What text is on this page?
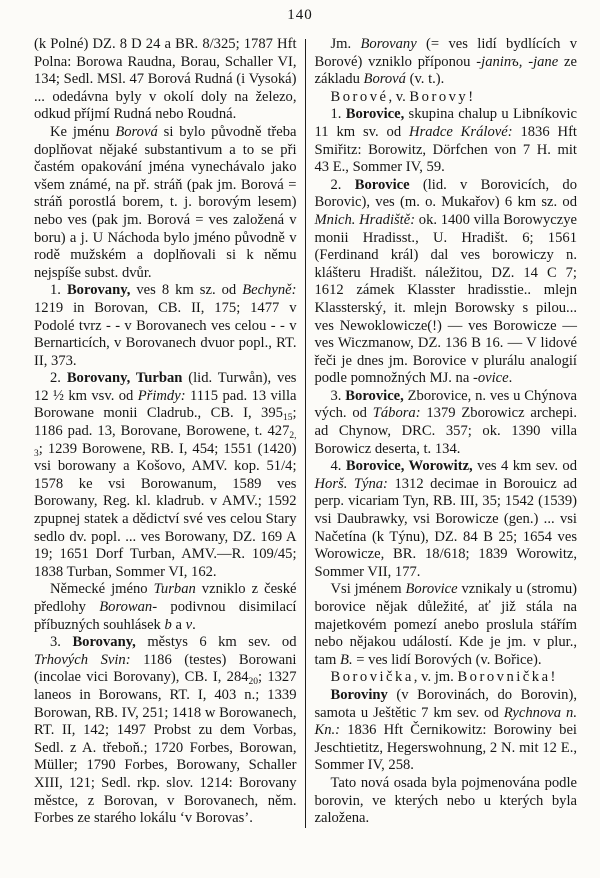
140

(k Polné) DZ. 8 D 24 a BR. 8/325; 1787 Hft Polna: Borowa Raudna, Borau, Schaller VI, 134; Sedl. MSl. 47 Borová Rudná (i Vysoká) ... odedávna byly v okolí doly na železo, odkud příjmí Rudná nebo Roudná.

Ke jménu Borová si bylo původně třeba doplňovat nějaké substantivum a to se při častém opakování jména vynechávalo jako všem známé, na př. stráň (pak jm. Borová = stráň porostlá borem, t. j. borovým lesem) nebo ves (pak jm. Borová = ves založená v boru) a j. U Náchoda bylo jméno původně v rodě mužském a doplňovali si k němu nejspíše subst. dvůr.

1. Borovany, ves 8 km sz. od Bechyně: 1219 in Borovan, CB. II, 175; 1477 v Podolé tvrz - - v Borovanech ves celou - - v Bernarticích, v Borovanech dvuor popl., RT. II, 373.

2. Borovany, Turban (lid. Turwån), ves 12 ½ km vsv. od Přimdy: 1115 pad. 13 villa Borowane monii Cladrub., CB. I, $395_{15}$; 1186 pad. 13, Borovane, Borowene, t. $427_{2, 3}$; 1239 Borowene, RB. I, 454; 1551 (1420) vsi borowany a Košovo, AMV. kop. 51/4; 1578 ke vsi Borowanum, 1589 ves Borowany, Reg. kl. kladrub. v AMV.; 1592 zpupnej statek a dědictví své ves celou Stary sedlo dv. popl. ... ves Borowany, DZ. 169 A 19; 1651 Dorf Turban, AMV.—R. 109/45; 1838 Turban, Sommer VI, 162.

Německé jméno Turban vzniklo z české předlohy Borowan- podivnou disimilací příbuzných souhlásek b a v.

3. Borovany, městys 6 km sev. od Trhových Svin: 1186 (testes) Borowani (incolae vici Borovany), CB. I, $284_{20}$; 1327 laneos in Borowans, RT. I, 403 n.; 1339 Borowan, RB. IV, 251; 1418 w Borowanech, RT. II, 142; 1497 Probst zu dem Vorbas, Sedl. z A. třeboň.; 1720 Forbes, Borowan, Müller; 1790 Forbes, Borowany, Schaller XIII, 121; Sedl. rkp. slov. 1214: Borovany městce, z Borovan, v Borovanech, něm. Forbes ze starého lokálu ‘v Borovas’.

Jm. Borovany (= ves lidí bydlících v Borové) vzniklo příponou -janinъ, -jane ze základu Borová (v. t.).

Borové, v. Borovy!

1. Borovice, skupina chalup u Libníkovic 11 km sv. od Hradce Králové: 1836 Hft Smiřitz: Borowitz, Dörfchen von 7 H. mit 43 E., Sommer IV, 59.

2. Borovice (lid. v Borovicích, do Borovic), ves (m. o. Mukařov) 6 km sz. od Mnich. Hradiště: ok. 1400 villa Borowyczye monii Hradisst., U. Hradišt. 6; 1561 (Ferdinand král) dal ves borowiczy n. klášteru Hradišt. náležitou, DZ. 14 C 7; 1612 zámek Klasster hradisstie.. mlejn Klassterský, it. mlejn Borowsky s pilou... ves Newoklowicze(!) — ves Borowicze — ves Wiczmanow, DZ. 136 B 16. — V lidové řeči je dnes jm. Borovice v plurálu analogií podle pomnožných MJ. na -ovice.

3. Borovice, Zborovice, n. ves u Chýnova vých. od Tábora: 1379 Zborowicz archepi. ad Chynow, DRC. 357; ok. 1390 villa Borowicz deserta, t. 134.

4. Borovice, Worowitz, ves 4 km sev. od Horš. Týna: 1312 decimae in Borouicz ad perp. vicariam Tyn, RB. III, 35; 1542 (1539) vsi Daubrawky, vsi Borowicze (gen.) ... vsi Načetína (k Týnu), DZ. 84 B 25; 1654 ves Worowicze, BR. 18/618; 1839 Worowitz, Sommer VII, 177.

Vsi jménem Borovice vznikaly u (stromu) borovice nějak důležité, ať již stála na majetkovém pomezí anebo proslula stářím nebo nějakou událostí. Kde je jm. v plur., tam B. = ves lidí Borových (v. Bořice).

Borovička, v. jm. Borovnička!

Boroviny (v Borovinách, do Borovin), samota u Ještětic 7 km sev. od Rychnova n. Kn.: 1836 Hft Černikowitz: Borowiny bei Jeschtietitz, Hegerswohnung, 2 N. mit 12 E., Sommer IV, 258.

Tato nová osada byla pojmenována podle borovin, ve kterých nebo u kterých byla založena.
